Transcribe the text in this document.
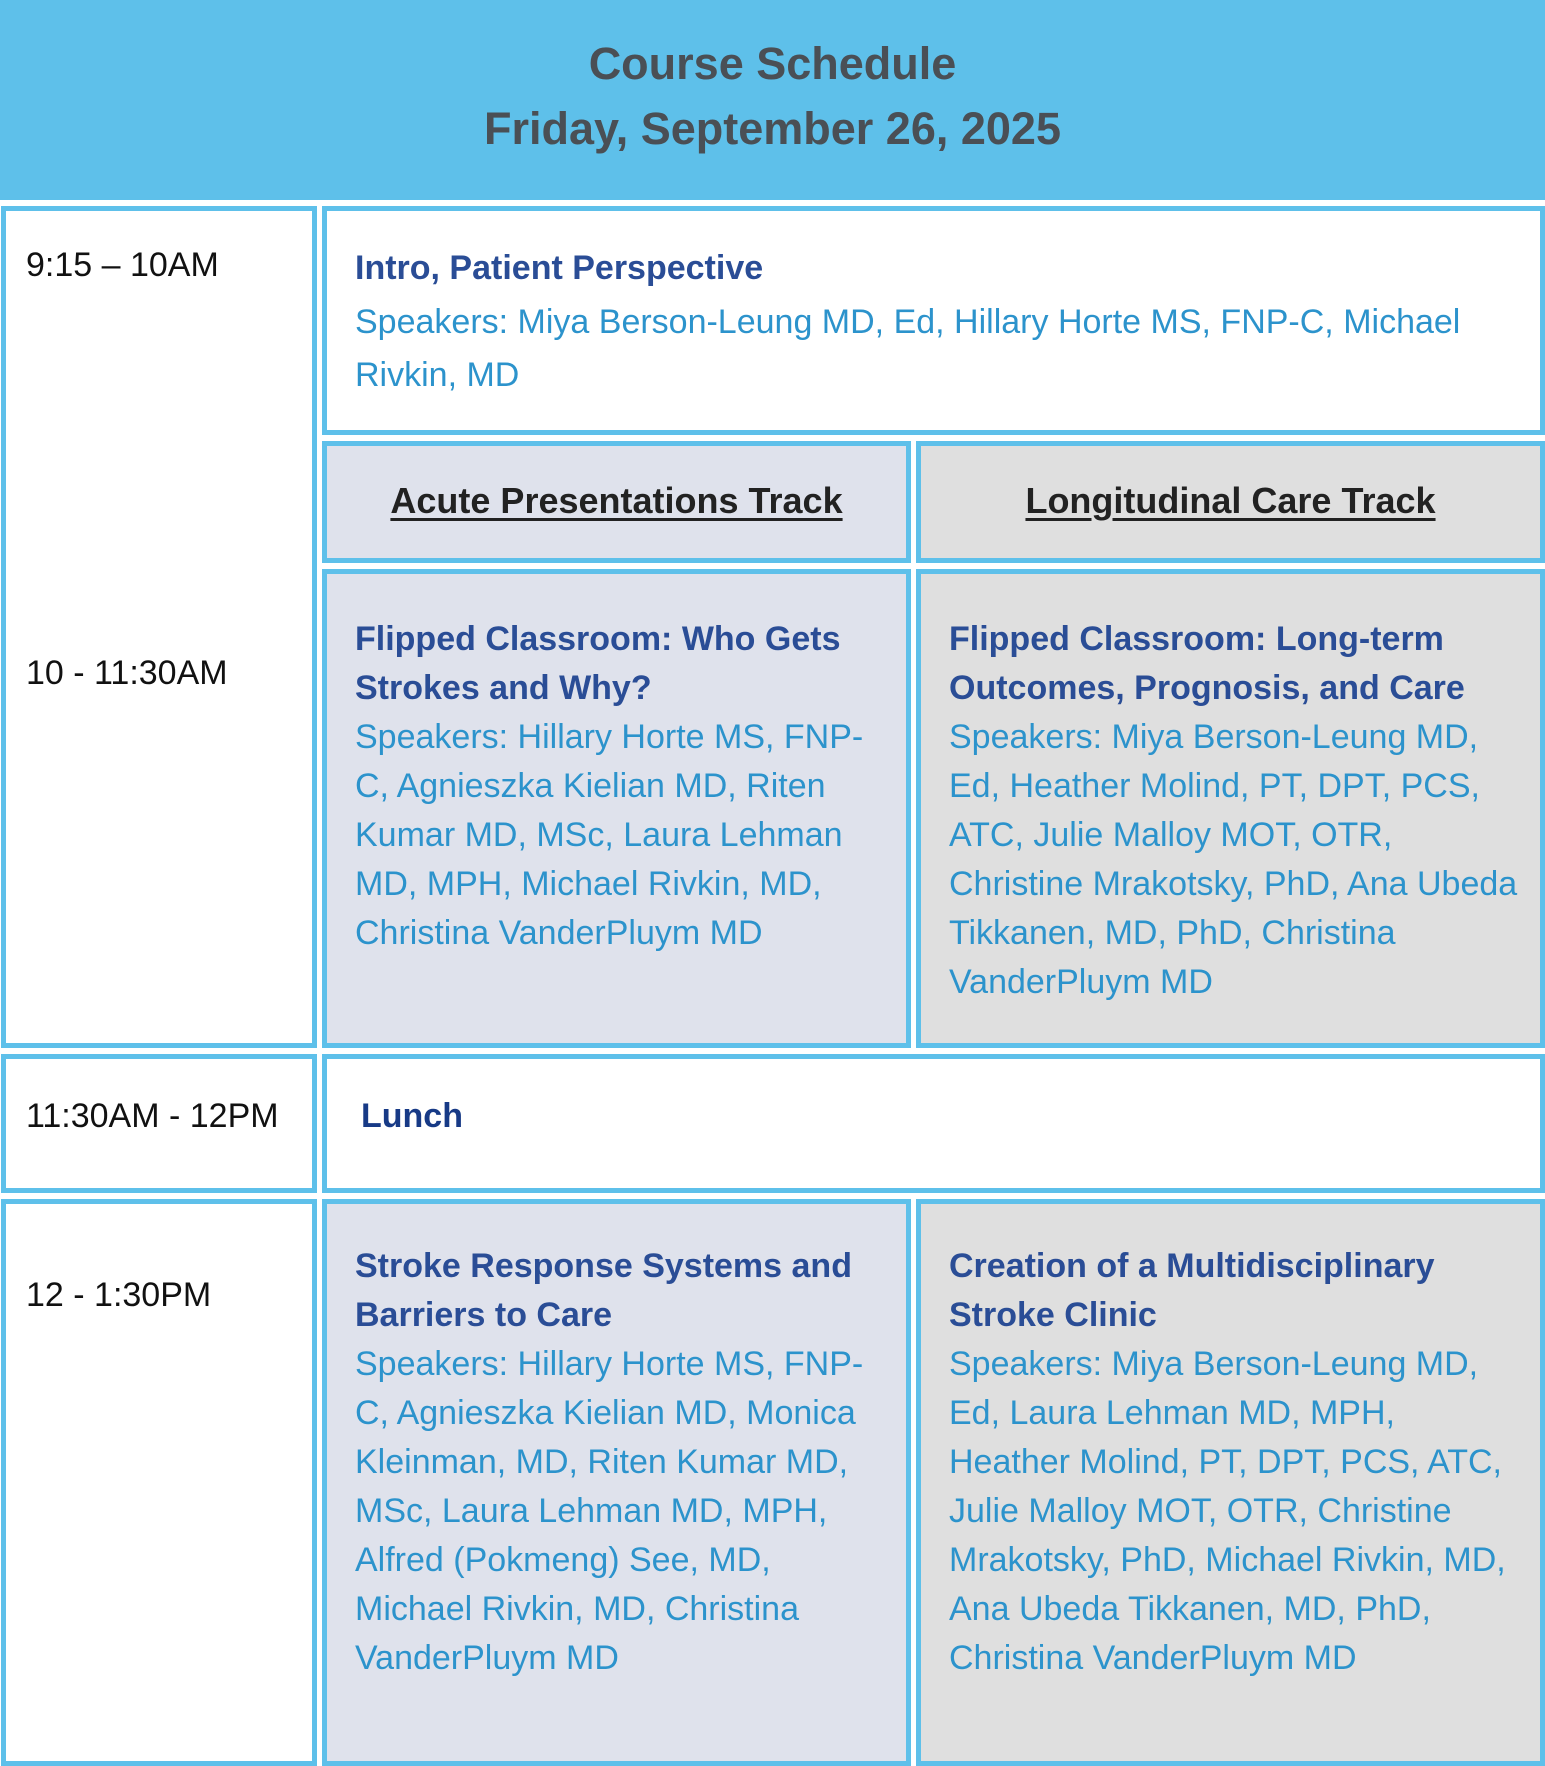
Course Schedule
Friday, September 26, 2025
9:15 – 10AM
10 - 11:30AM
Intro, Patient Perspective
Speakers: Miya Berson-Leung MD, Ed, Hillary Horte MS, FNP-C, Michael Rivkin, MD
Acute Presentations Track	Longitudinal Care Track
Flipped Classroom: Who Gets Strokes and Why?
Speakers: Hillary Horte MS, FNP-C, Agnieszka Kielian MD, Riten Kumar MD, MSc, Laura Lehman MD, MPH, Michael Rivkin, MD, Christina VanderPluym MD
Flipped Classroom: Long-term Outcomes, Prognosis, and Care
Speakers: Miya Berson-Leung MD, Ed, Heather Molind, PT, DPT, PCS, ATC, Julie Malloy MOT, OTR, Christine Mrakotsky, PhD, Ana Ubeda Tikkanen, MD, PhD, Christina VanderPluym MD
11:30AM - 12PM Lunch
12 - 1:30PM
Stroke Response Systems and Barriers to Care
Speakers: Hillary Horte MS, FNP-C, Agnieszka Kielian MD, Monica Kleinman, MD, Riten Kumar MD, MSc, Laura Lehman MD, MPH, Alfred (Pokmeng) See, MD, Michael Rivkin, MD, Christina VanderPluym MD
Creation of a Multidisciplinary Stroke Clinic
Speakers: Miya Berson-Leung MD, Ed, Laura Lehman MD, MPH, Heather Molind, PT, DPT, PCS, ATC, Julie Malloy MOT, OTR, Christine Mrakotsky, PhD, Michael Rivkin, MD, Ana Ubeda Tikkanen, MD, PhD, Christina VanderPluym MD
